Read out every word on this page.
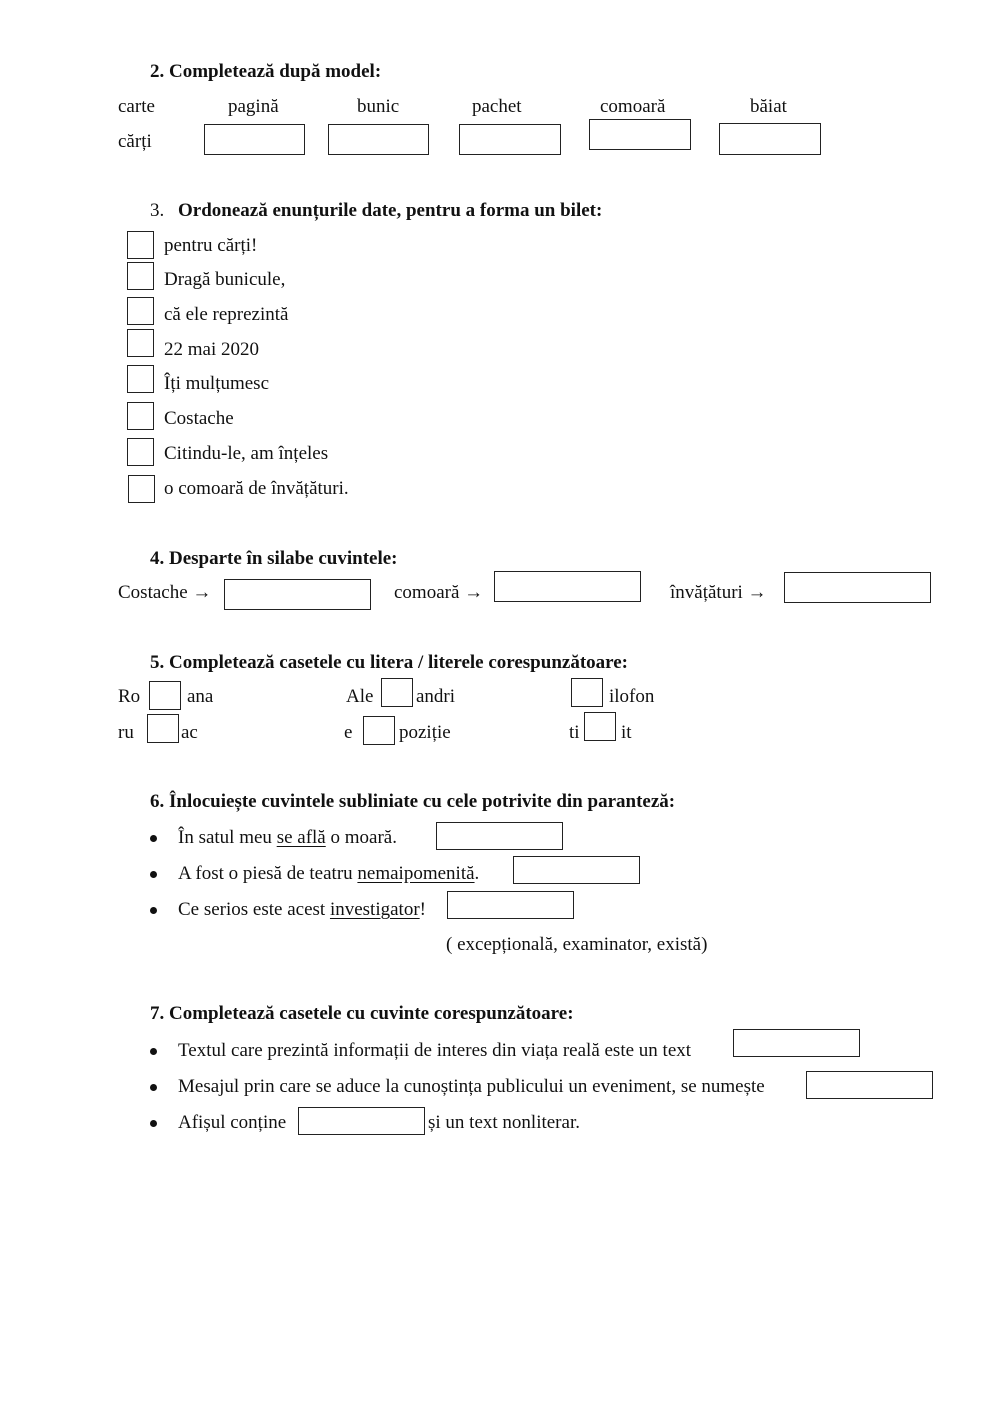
2. Completează după model:
carte	pagină	bunic	pachet	comoară	băiat
cărți
3. Ordonează enunțurile date, pentru a forma un bilet:
pentru cărți!
Dragă bunicule,
că ele reprezintă
22 mai 2020
Îți mulțumesc
Costache
Citindu-le, am înțeles
o comoară de învățături.
4. Desparte în silabe cuvintele:
Costache →	comoară →	învățături →
5. Completează casetele cu litera / literele corespunzătoare:
Ro ana	Ale andri	ilofon
ru ac	e poziție	ti it
6. Înlocuiește cuvintele subliniate cu cele potrivite din paranteză:
În satul meu se află o moară.
A fost o piesă de teatru nemaipomenită.
Ce serios este acest investigator!
( excepțională, examinator, există)
7. Completează casetele cu cuvinte corespunzătoare:
Textul care prezintă informații de interes din viața reală este un text
Mesajul prin care se aduce la cunoștința publicului un eveniment, se numește
Afișul conține	și un text nonliterar.
